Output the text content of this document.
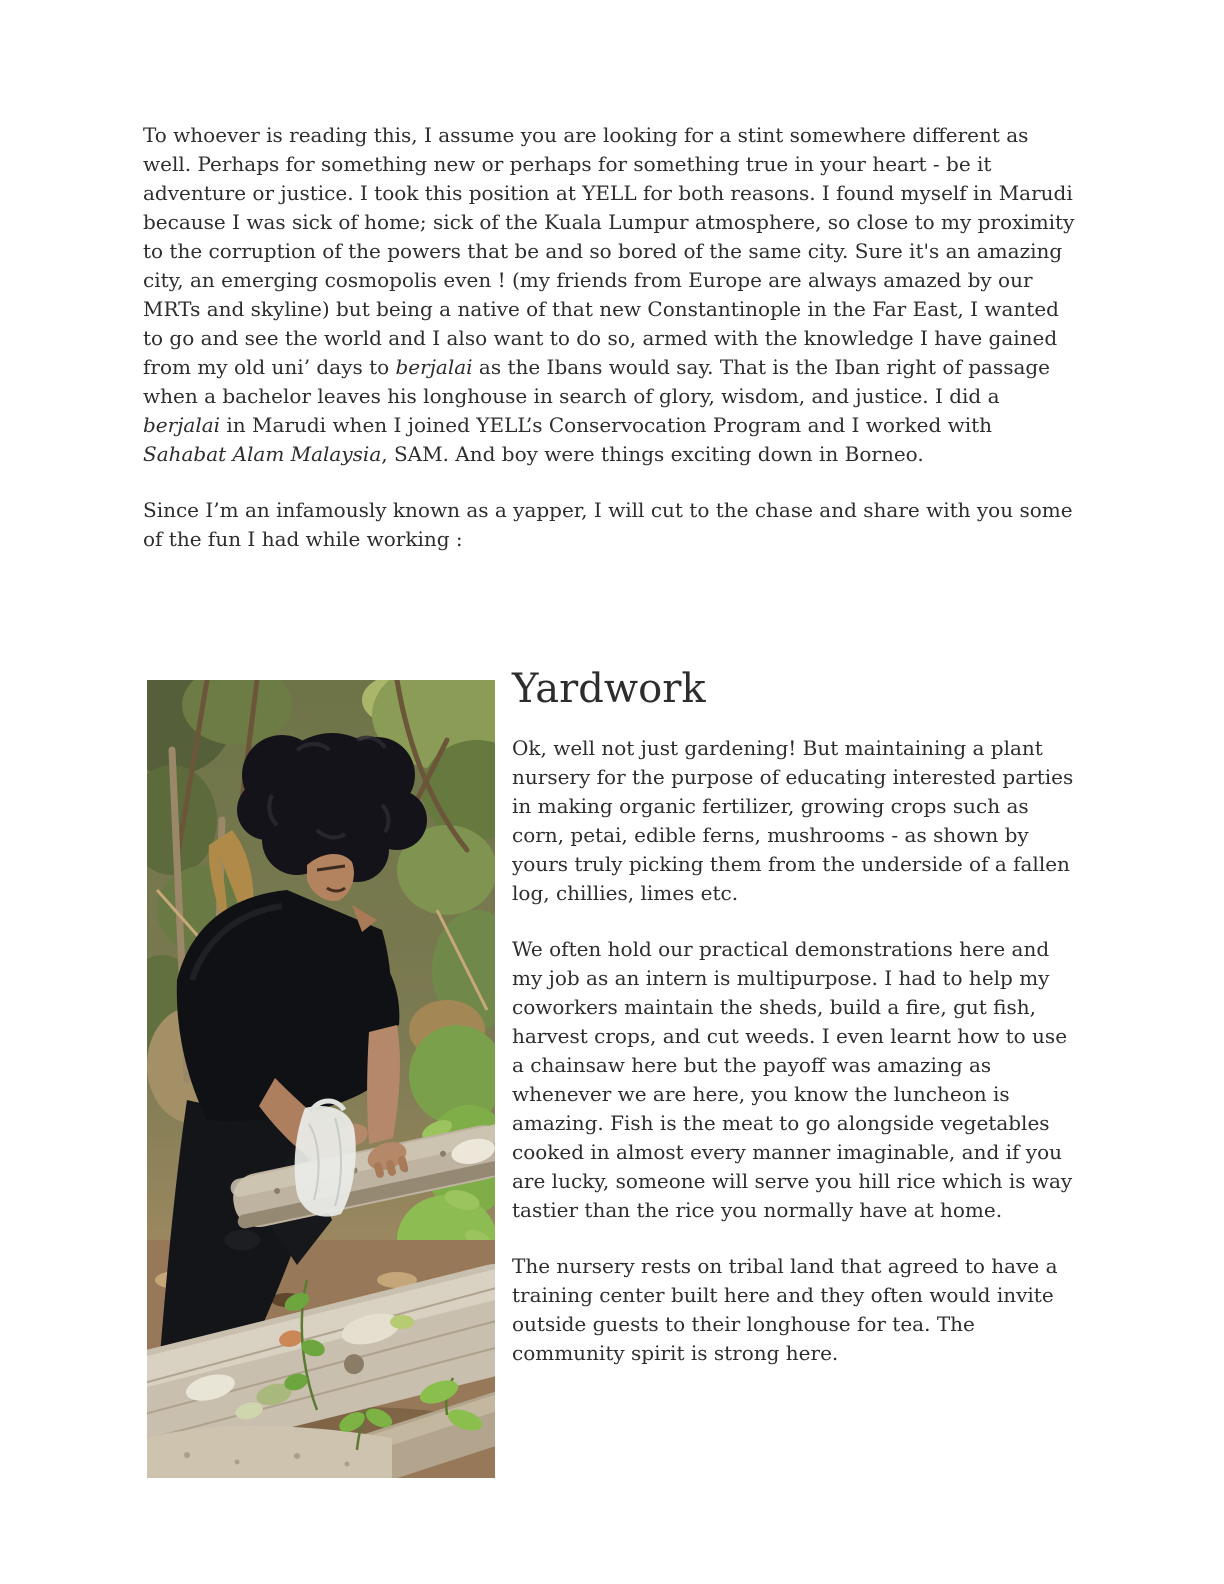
To whoever is reading this, I assume you are looking for a stint somewhere different as well. Perhaps for something new or perhaps for something true in your heart - be it adventure or justice. I took this position at YELL for both reasons. I found myself in Marudi because I was sick of home; sick of the Kuala Lumpur atmosphere, so close to my proximity to the corruption of the powers that be and so bored of the same city. Sure it's an amazing city, an emerging cosmopolis even ! (my friends from Europe are always amazed by our MRTs and skyline) but being a native of that new Constantinople in the Far East, I wanted to go and see the world and I also want to do so, armed with the knowledge I have gained from my old uni’ days to berjalai as the Ibans would say. That is the Iban right of passage when a bachelor leaves his longhouse in search of glory, wisdom, and justice. I did a berjalai in Marudi when I joined YELL’s Conservocation Program and I worked with Sahabat Alam Malaysia, SAM. And boy were things exciting down in Borneo.

Since I’m an infamously known as a yapper, I will cut to the chase and share with you some of the fun I had while working :

Yardwork

Ok, well not just gardening! But maintaining a plant nursery for the purpose of educating interested parties in making organic fertilizer, growing crops such as corn, petai, edible ferns, mushrooms - as shown by yours truly picking them from the underside of a fallen log, chillies, limes etc.

We often hold our practical demonstrations here and my job as an intern is multipurpose. I had to help my coworkers maintain the sheds, build a fire, gut fish, harvest crops, and cut weeds. I even learnt how to use a chainsaw here but the payoff was amazing as whenever we are here, you know the luncheon is amazing. Fish is the meat to go alongside vegetables cooked in almost every manner imaginable, and if you are lucky, someone will serve you hill rice which is way tastier than the rice you normally have at home.

The nursery rests on tribal land that agreed to have a training center built here and they often would invite outside guests to their longhouse for tea. The community spirit is strong here.
